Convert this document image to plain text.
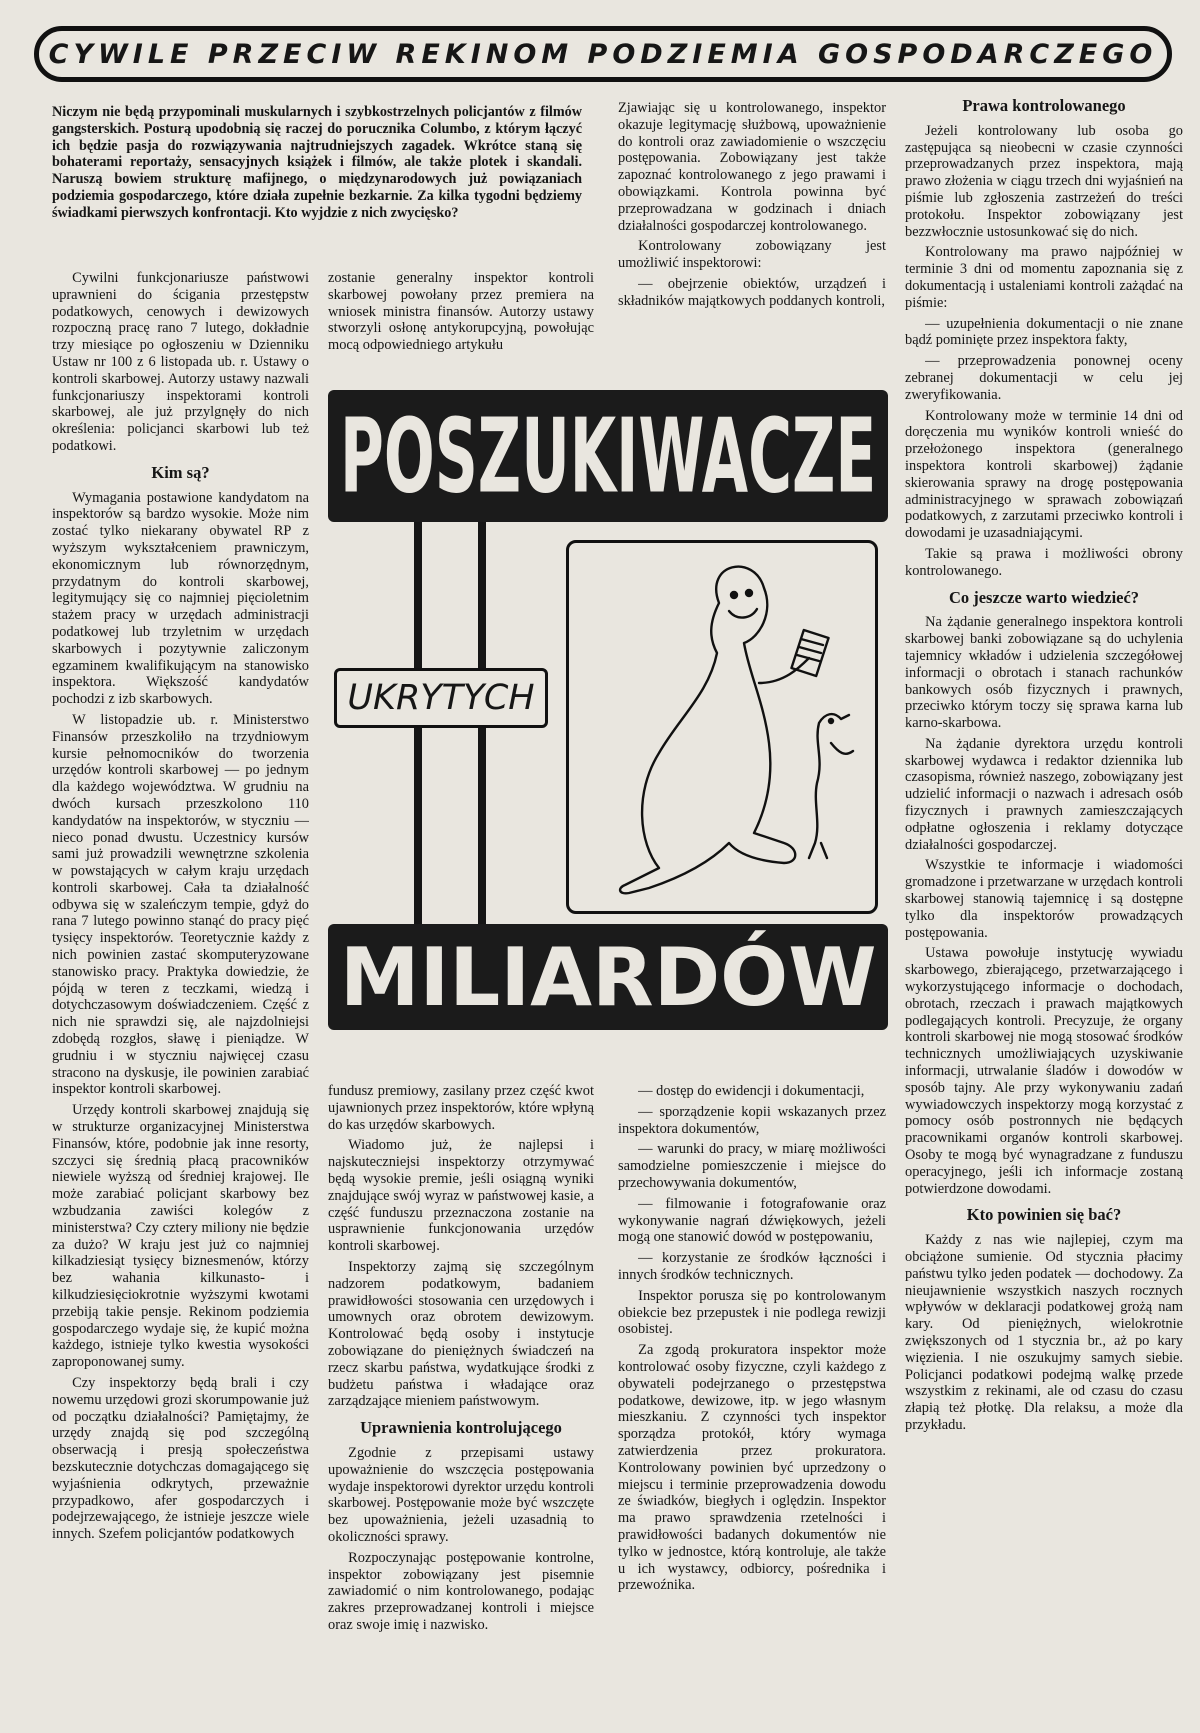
CYWILE PRZECIW REKINOM PODZIEMIA GOSPODARCZEGO
Niczym nie będą przypominali muskularnych i szybkostrzelnych policjantów z filmów gangsterskich. Posturą upodobnią się raczej do porucznika Columbo, z którym łączyć ich będzie pasja do rozwiązywania najtrudniejszych zagadek. Wkrótce staną się bohaterami reportaży, sensacyjnych książek i filmów, ale także plotek i skandali. Naruszą bowiem strukturę mafijnego, o międzynarodowych już powiązaniach podziemia gospodarczego, które działa zupełnie bezkarnie. Za kilka tygodni będziemy świadkami pierwszych konfrontacji. Kto wyjdzie z nich zwycięsko?

Cywilni funkcjonariusze państwowi uprawnieni do ścigania przestępstw podatkowych, cenowych i dewizowych rozpoczną pracę rano 7 lutego, dokładnie trzy miesiące po ogłoszeniu w Dzienniku Ustaw nr 100 z 6 listopada ub. r. Ustawy o kontroli skarbowej. Autorzy ustawy nazwali funkcjonariuszy inspektorami kontroli skarbowej, ale już przylgnęły do nich określenia: policjanci skarbowi lub też podatkowi.

Kim są?

Wymagania postawione kandydatom na inspektorów są bardzo wysokie. Może nim zostać tylko niekarany obywatel RP z wyższym wykształceniem prawniczym, ekonomicznym lub równorzędnym, przydatnym do kontroli skarbowej, legitymujący się co najmniej pięcioletnim stażem pracy w urzędach administracji podatkowej lub trzyletnim w urzędach skarbowych i pozytywnie zaliczonym egzaminem kwalifikującym na stanowisko inspektora. Większość kandydatów pochodzi z izb skarbowych.

W listopadzie ub. r. Ministerstwo Finansów przeszkoliło na trzydniowym kursie pełnomocników do tworzenia urzędów kontroli skarbowej — po jednym dla każdego województwa. W grudniu na dwóch kursach przeszkolono 110 kandydatów na inspektorów, w styczniu — nieco ponad dwustu. Uczestnicy kursów sami już prowadzili wewnętrzne szkolenia w powstających w całym kraju urzędach kontroli skarbowej. Cała ta działalność odbywa się w szaleńczym tempie, gdyż do rana 7 lutego powinno stanąć do pracy pięć tysięcy inspektorów. Teoretycznie każdy z nich powinien zastać skomputeryzowane stanowisko pracy. Praktyka dowiedzie, że pójdą w teren z teczkami, wiedzą i dotychczasowym doświadczeniem. Część z nich nie sprawdzi się, ale najzdolniejsi zdobędą rozgłos, sławę i pieniądze. W grudniu i w styczniu najwięcej czasu stracono na dyskusje, ile powinien zarabiać inspektor kontroli skarbowej.

Urzędy kontroli skarbowej znajdują się w strukturze organizacyjnej Ministerstwa Finansów, które, podobnie jak inne resorty, szczyci się średnią płacą pracowników niewiele wyższą od średniej krajowej. Ile może zarabiać policjant skarbowy bez wzbudzania zawiści kolegów z ministerstwa? Czy cztery miliony nie będzie za dużo? W kraju jest już co najmniej kilkadziesiąt tysięcy biznesmenów, którzy bez wahania kilkunasto- i kilkudziesięciokrotnie wyższymi kwotami przebiją takie pensje. Rekinom podziemia gospodarczego wydaje się, że kupić można każdego, istnieje tylko kwestia wysokości zaproponowanej sumy.

Czy inspektorzy będą brali i czy nowemu urzędowi grozi skorumpowanie już od początku działalności? Pamiętajmy, że urzędy znajdą się pod szczególną obserwacją i presją społeczeństwa bezskutecznie dotychczas domagającego się wyjaśnienia odkrytych, przeważnie przypadkowo, afer gospodarczych i podejrzewającego, że istnieje jeszcze wiele innych. Szefem policjantów podatkowych

zostanie generalny inspektor kontroli skarbowej powołany przez premiera na wniosek ministra finansów. Autorzy ustawy stworzyli osłonę antykorupcyjną, powołując mocą odpowiedniego artykułu

Zjawiając się u kontrolowanego, inspektor okazuje legitymację służbową, upoważnienie do kontroli oraz zawiadomienie o wszczęciu postępowania. Zobowiązany jest także zapoznać kontrolowanego z jego prawami i obowiązkami. Kontrola powinna być przeprowadzana w godzinach i dniach działalności gospodarczej kontrolowanego.

Kontrolowany zobowiązany jest umożliwić inspektorowi:

— obejrzenie obiektów, urządzeń i składników majątkowych poddanych kontroli,

POSZUKIWACZE
UKRYTYCH
MILIARDÓW

fundusz premiowy, zasilany przez część kwot ujawnionych przez inspektorów, które wpłyną do kas urzędów skarbowych.

Wiadomo już, że najlepsi i najskuteczniejsi inspektorzy otrzymywać będą wysokie premie, jeśli osiągną wyniki znajdujące swój wyraz w państwowej kasie, a część funduszu przeznaczona zostanie na usprawnienie funkcjonowania urzędów kontroli skarbowej.

Inspektorzy zajmą się szczególnym nadzorem podatkowym, badaniem prawidłowości stosowania cen urzędowych i umownych oraz obrotem dewizowym. Kontrolować będą osoby i instytucje zobowiązane do pieniężnych świadczeń na rzecz skarbu państwa, wydatkujące środki z budżetu państwa i władające oraz zarządzające mieniem państwowym.

Uprawnienia kontrolującego

Zgodnie z przepisami ustawy upoważnienie do wszczęcia postępowania wydaje inspektorowi dyrektor urzędu kontroli skarbowej. Postępowanie może być wszczęte bez upoważnienia, jeżeli uzasadnią to okoliczności sprawy.

Rozpoczynając postępowanie kontrolne, inspektor zobowiązany jest pisemnie zawiadomić o nim kontrolowanego, podając zakres przeprowadzanej kontroli i miejsce oraz swoje imię i nazwisko.

— dostęp do ewidencji i dokumentacji,

— sporządzenie kopii wskazanych przez inspektora dokumentów,

— warunki do pracy, w miarę możliwości samodzielne pomieszczenie i miejsce do przechowywania dokumentów,

— filmowanie i fotografowanie oraz wykonywanie nagrań dźwiękowych, jeżeli mogą one stanowić dowód w postępowaniu,

— korzystanie ze środków łączności i innych środków technicznych.

Inspektor porusza się po kontrolowanym obiekcie bez przepustek i nie podlega rewizji osobistej.

Za zgodą prokuratora inspektor może kontrolować osoby fizyczne, czyli każdego z obywateli podejrzanego o przestępstwa podatkowe, dewizowe, itp. w jego własnym mieszkaniu. Z czynności tych inspektor sporządza protokół, który wymaga zatwierdzenia przez prokuratora. Kontrolowany powinien być uprzedzony o miejscu i terminie przeprowadzenia dowodu ze świadków, biegłych i oględzin. Inspektor ma prawo sprawdzenia rzetelności i prawidłowości badanych dokumentów nie tylko w jednostce, którą kontroluje, ale także u ich wystawcy, odbiorcy, pośrednika i przewoźnika.

Prawa kontrolowanego

Jeżeli kontrolowany lub osoba go zastępująca są nieobecni w czasie czynności przeprowadzanych przez inspektora, mają prawo złożenia w ciągu trzech dni wyjaśnień na piśmie lub zgłoszenia zastrzeżeń do treści protokołu. Inspektor zobowiązany jest bezzwłocznie ustosunkować się do nich.

Kontrolowany ma prawo najpóźniej w terminie 3 dni od momentu zapoznania się z dokumentacją i ustaleniami kontroli zażądać na piśmie:

— uzupełnienia dokumentacji o nie znane bądź pominięte przez inspektora fakty,

— przeprowadzenia ponownej oceny zebranej dokumentacji w celu jej zweryfikowania.

Kontrolowany może w terminie 14 dni od doręczenia mu wyników kontroli wnieść do przełożonego inspektora (generalnego inspektora kontroli skarbowej) żądanie skierowania sprawy na drogę postępowania administracyjnego w sprawach zobowiązań podatkowych, z zarzutami przeciwko kontroli i dowodami je uzasadniającymi.

Takie są prawa i możliwości obrony kontrolowanego.

Co jeszcze warto wiedzieć?

Na żądanie generalnego inspektora kontroli skarbowej banki zobowiązane są do uchylenia tajemnicy wkładów i udzielenia szczegółowej informacji o obrotach i stanach rachunków bankowych osób fizycznych i prawnych, przeciwko którym toczy się sprawa karna lub karno-skarbowa.

Na żądanie dyrektora urzędu kontroli skarbowej wydawca i redaktor dziennika lub czasopisma, również naszego, zobowiązany jest udzielić informacji o nazwach i adresach osób fizycznych i prawnych zamieszczających odpłatne ogłoszenia i reklamy dotyczące działalności gospodarczej.

Wszystkie te informacje i wiadomości gromadzone i przetwarzane w urzędach kontroli skarbowej stanowią tajemnicę i są dostępne tylko dla inspektorów prowadzących postępowania.

Ustawa powołuje instytucję wywiadu skarbowego, zbierającego, przetwarzającego i wykorzystującego informacje o dochodach, obrotach, rzeczach i prawach majątkowych podlegających kontroli. Precyzuje, że organy kontroli skarbowej nie mogą stosować środków technicznych umożliwiających uzyskiwanie informacji, utrwalanie śladów i dowodów w sposób tajny. Ale przy wykonywaniu zadań wywiadowczych inspektorzy mogą korzystać z pomocy osób postronnych nie będących pracownikami organów kontroli skarbowej. Osoby te mogą być wynagradzane z funduszu operacyjnego, jeśli ich informacje zostaną potwierdzone dowodami.

Kto powinien się bać?

Każdy z nas wie najlepiej, czym ma obciążone sumienie. Od stycznia płacimy państwu tylko jeden podatek — dochodowy. Za nieujawnienie wszystkich naszych rocznych wpływów w deklaracji podatkowej grożą nam kary. Od pieniężnych, wielokrotnie zwiększonych od 1 stycznia br., aż po kary więzienia. I nie oszukujmy samych siebie. Policjanci podatkowi podejmą walkę przede wszystkim z rekinami, ale od czasu do czasu złapią też płotkę. Dla relaksu, a może dla przykładu.
